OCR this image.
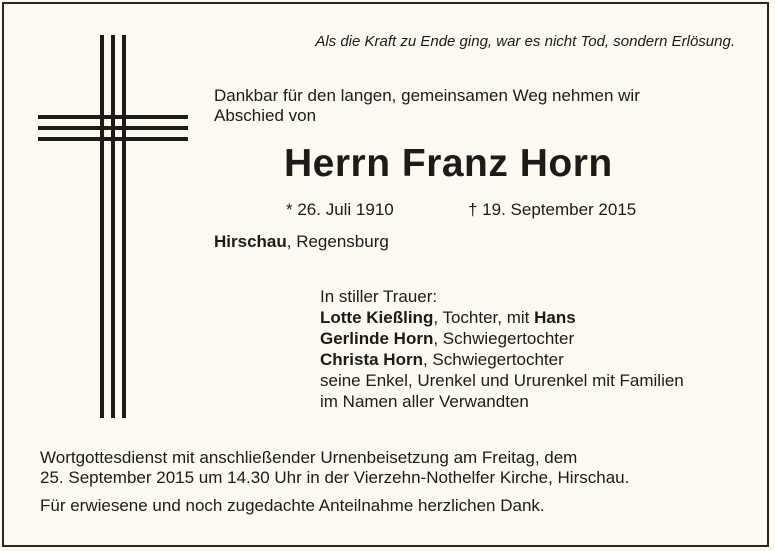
Als die Kraft zu Ende ging, war es nicht Tod, sondern Erlösung.
Dankbar für den langen, gemeinsamen Weg nehmen wir
Abschied von
Herrn Franz Horn
* 26. Juli 1910	† 19. September 2015
Hirschau, Regensburg
In stiller Trauer:
Lotte Kießling, Tochter, mit Hans
Gerlinde Horn, Schwiegertochter
Christa Horn, Schwiegertochter
seine Enkel, Urenkel und Ururenkel mit Familien
im Namen aller Verwandten
Wortgottesdienst mit anschließender Urnenbeisetzung am Freitag, dem
25. September 2015 um 14.30 Uhr in der Vierzehn-Nothelfer Kirche, Hirschau.
Für erwiesene und noch zugedachte Anteilnahme herzlichen Dank.
